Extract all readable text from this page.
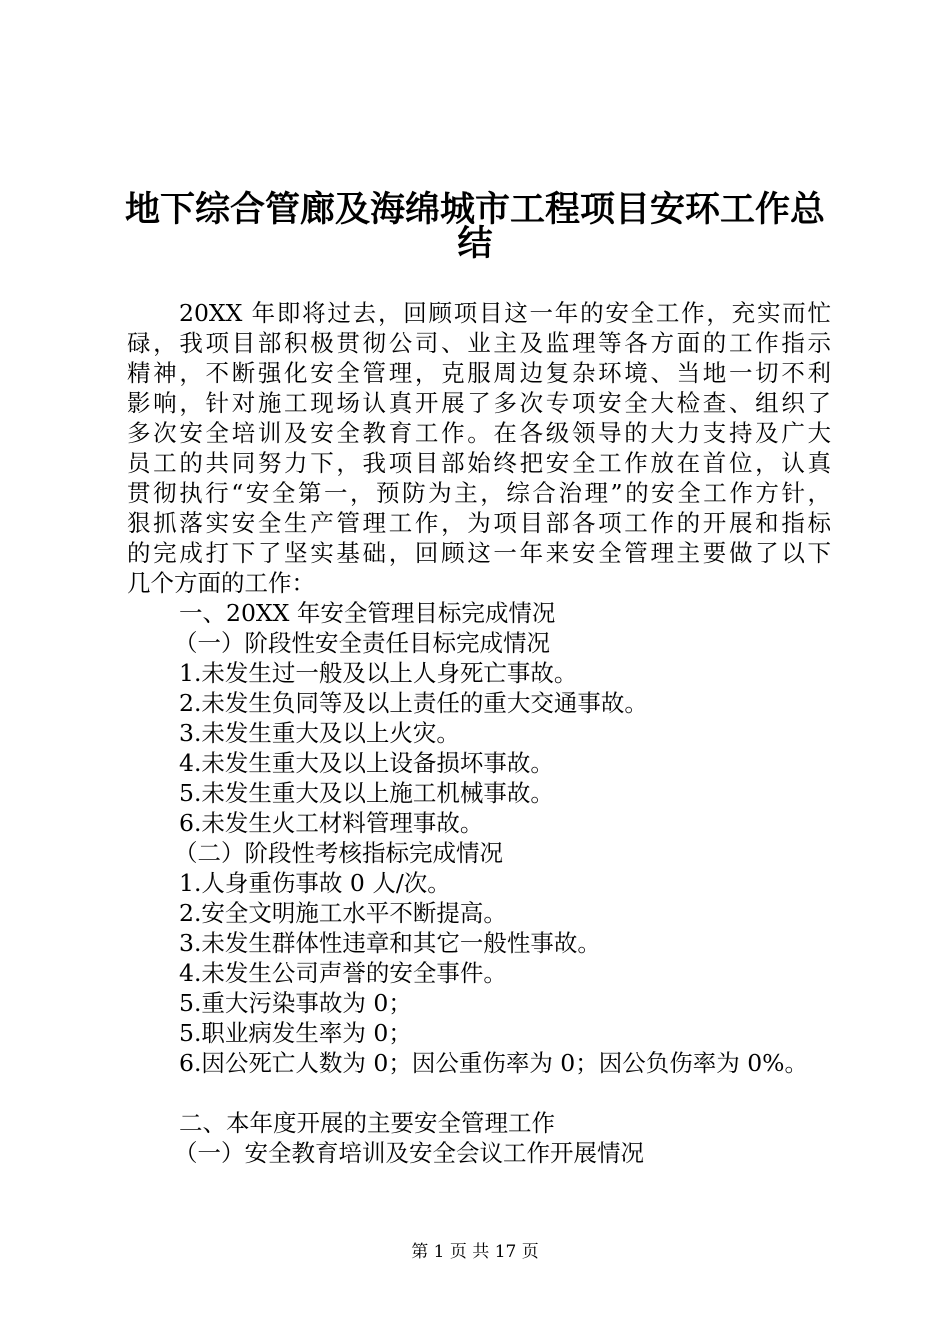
地下综合管廊及海绵城市工程项目安环工作总
结
20XX 年即将过去，回顾项目这一年的安全工作，充实而忙
碌，我项目部积极贯彻公司、业主及监理等各方面的工作指示
精神，不断强化安全管理，克服周边复杂环境、当地一切不利
影响，针对施工现场认真开展了多次专项安全大检查、组织了
多次安全培训及安全教育工作。在各级领导的大力支持及广大
员工的共同努力下，我项目部始终把安全工作放在首位，认真
贯彻执行“安全第一，预防为主，综合治理”的安全工作方针，
狠抓落实安全生产管理工作，为项目部各项工作的开展和指标
的完成打下了坚实基础，回顾这一年来安全管理主要做了以下
几个方面的工作：
一、20XX 年安全管理目标完成情况
（一）阶段性安全责任目标完成情况
1.未发生过一般及以上人身死亡事故。
2.未发生负同等及以上责任的重大交通事故。
3.未发生重大及以上火灾。
4.未发生重大及以上设备损坏事故。
5.未发生重大及以上施工机械事故。
6.未发生火工材料管理事故。
（二）阶段性考核指标完成情况
1.人身重伤事故 0 人/次。
2.安全文明施工水平不断提高。
3.未发生群体性违章和其它一般性事故。
4.未发生公司声誉的安全事件。
5.重大污染事故为 0；
5.职业病发生率为 0；
6.因公死亡人数为 0；因公重伤率为 0；因公负伤率为 0%。
二、本年度开展的主要安全管理工作
（一）安全教育培训及安全会议工作开展情况
第 1 页 共 17 页
